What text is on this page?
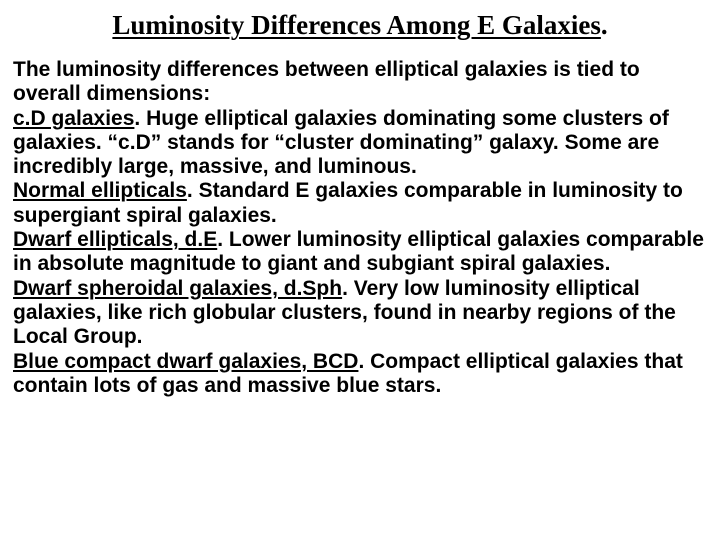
Luminosity Differences Among E Galaxies.

The luminosity differences between elliptical galaxies is tied to overall dimensions:

c.D galaxies. Huge elliptical galaxies dominating some clusters of galaxies. “c.D” stands for “cluster dominating” galaxy. Some are incredibly large, massive, and luminous.

Normal ellipticals. Standard E galaxies comparable in luminosity to supergiant spiral galaxies.

Dwarf ellipticals, d.E. Lower luminosity elliptical galaxies comparable in absolute magnitude to giant and subgiant spiral galaxies.

Dwarf spheroidal galaxies, d.Sph. Very low luminosity elliptical galaxies, like rich globular clusters, found in nearby regions of the Local Group.

Blue compact dwarf galaxies, BCD. Compact elliptical galaxies that contain lots of gas and massive blue stars.
